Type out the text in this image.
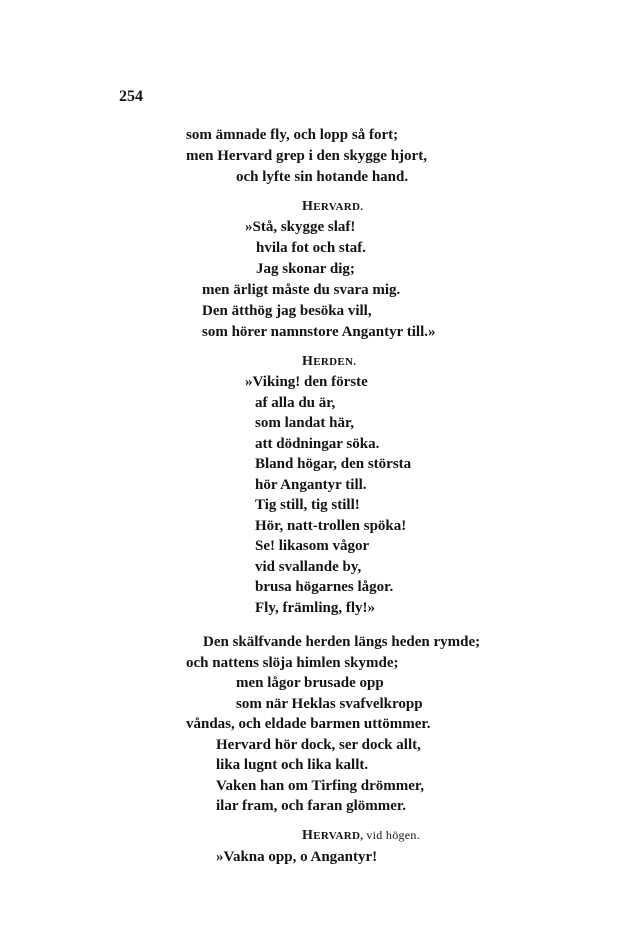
254
som ämnade fly, och lopp så fort;
men Hervard grep i den skygge hjort,
och lyfte sin hotande hand.
HERVARD.
»Stå, skygge slaf!
hvila fot och staf.
Jag skonar dig;
men ärligt måste du svara mig.
Den ätthög jag besöka vill,
som hörer namnstore Angantyr till.»
HERDEN.
»Viking! den förste
af alla du är,
som landat här,
att dödningar söka.
Bland högar, den största
hör Angantyr till.
Tig still, tig still!
Hör, natt-trollen spöka!
Se! likasom vågor
vid svallande by,
brusa högarnes lågor.
Fly, främling, fly!»
Den skälfvande herden längs heden rymde;
och nattens slöja himlen skymde;
men lågor brusade opp
som när Heklas svafvelkropp
våndas, och eldade barmen uttömmer.
Hervard hör dock, ser dock allt,
lika lugnt och lika kallt.
Vaken han om Tirfing drömmer,
ilar fram, och faran glömmer.
HERVARD, vid högen.
»Vakna opp, o Angantyr!
